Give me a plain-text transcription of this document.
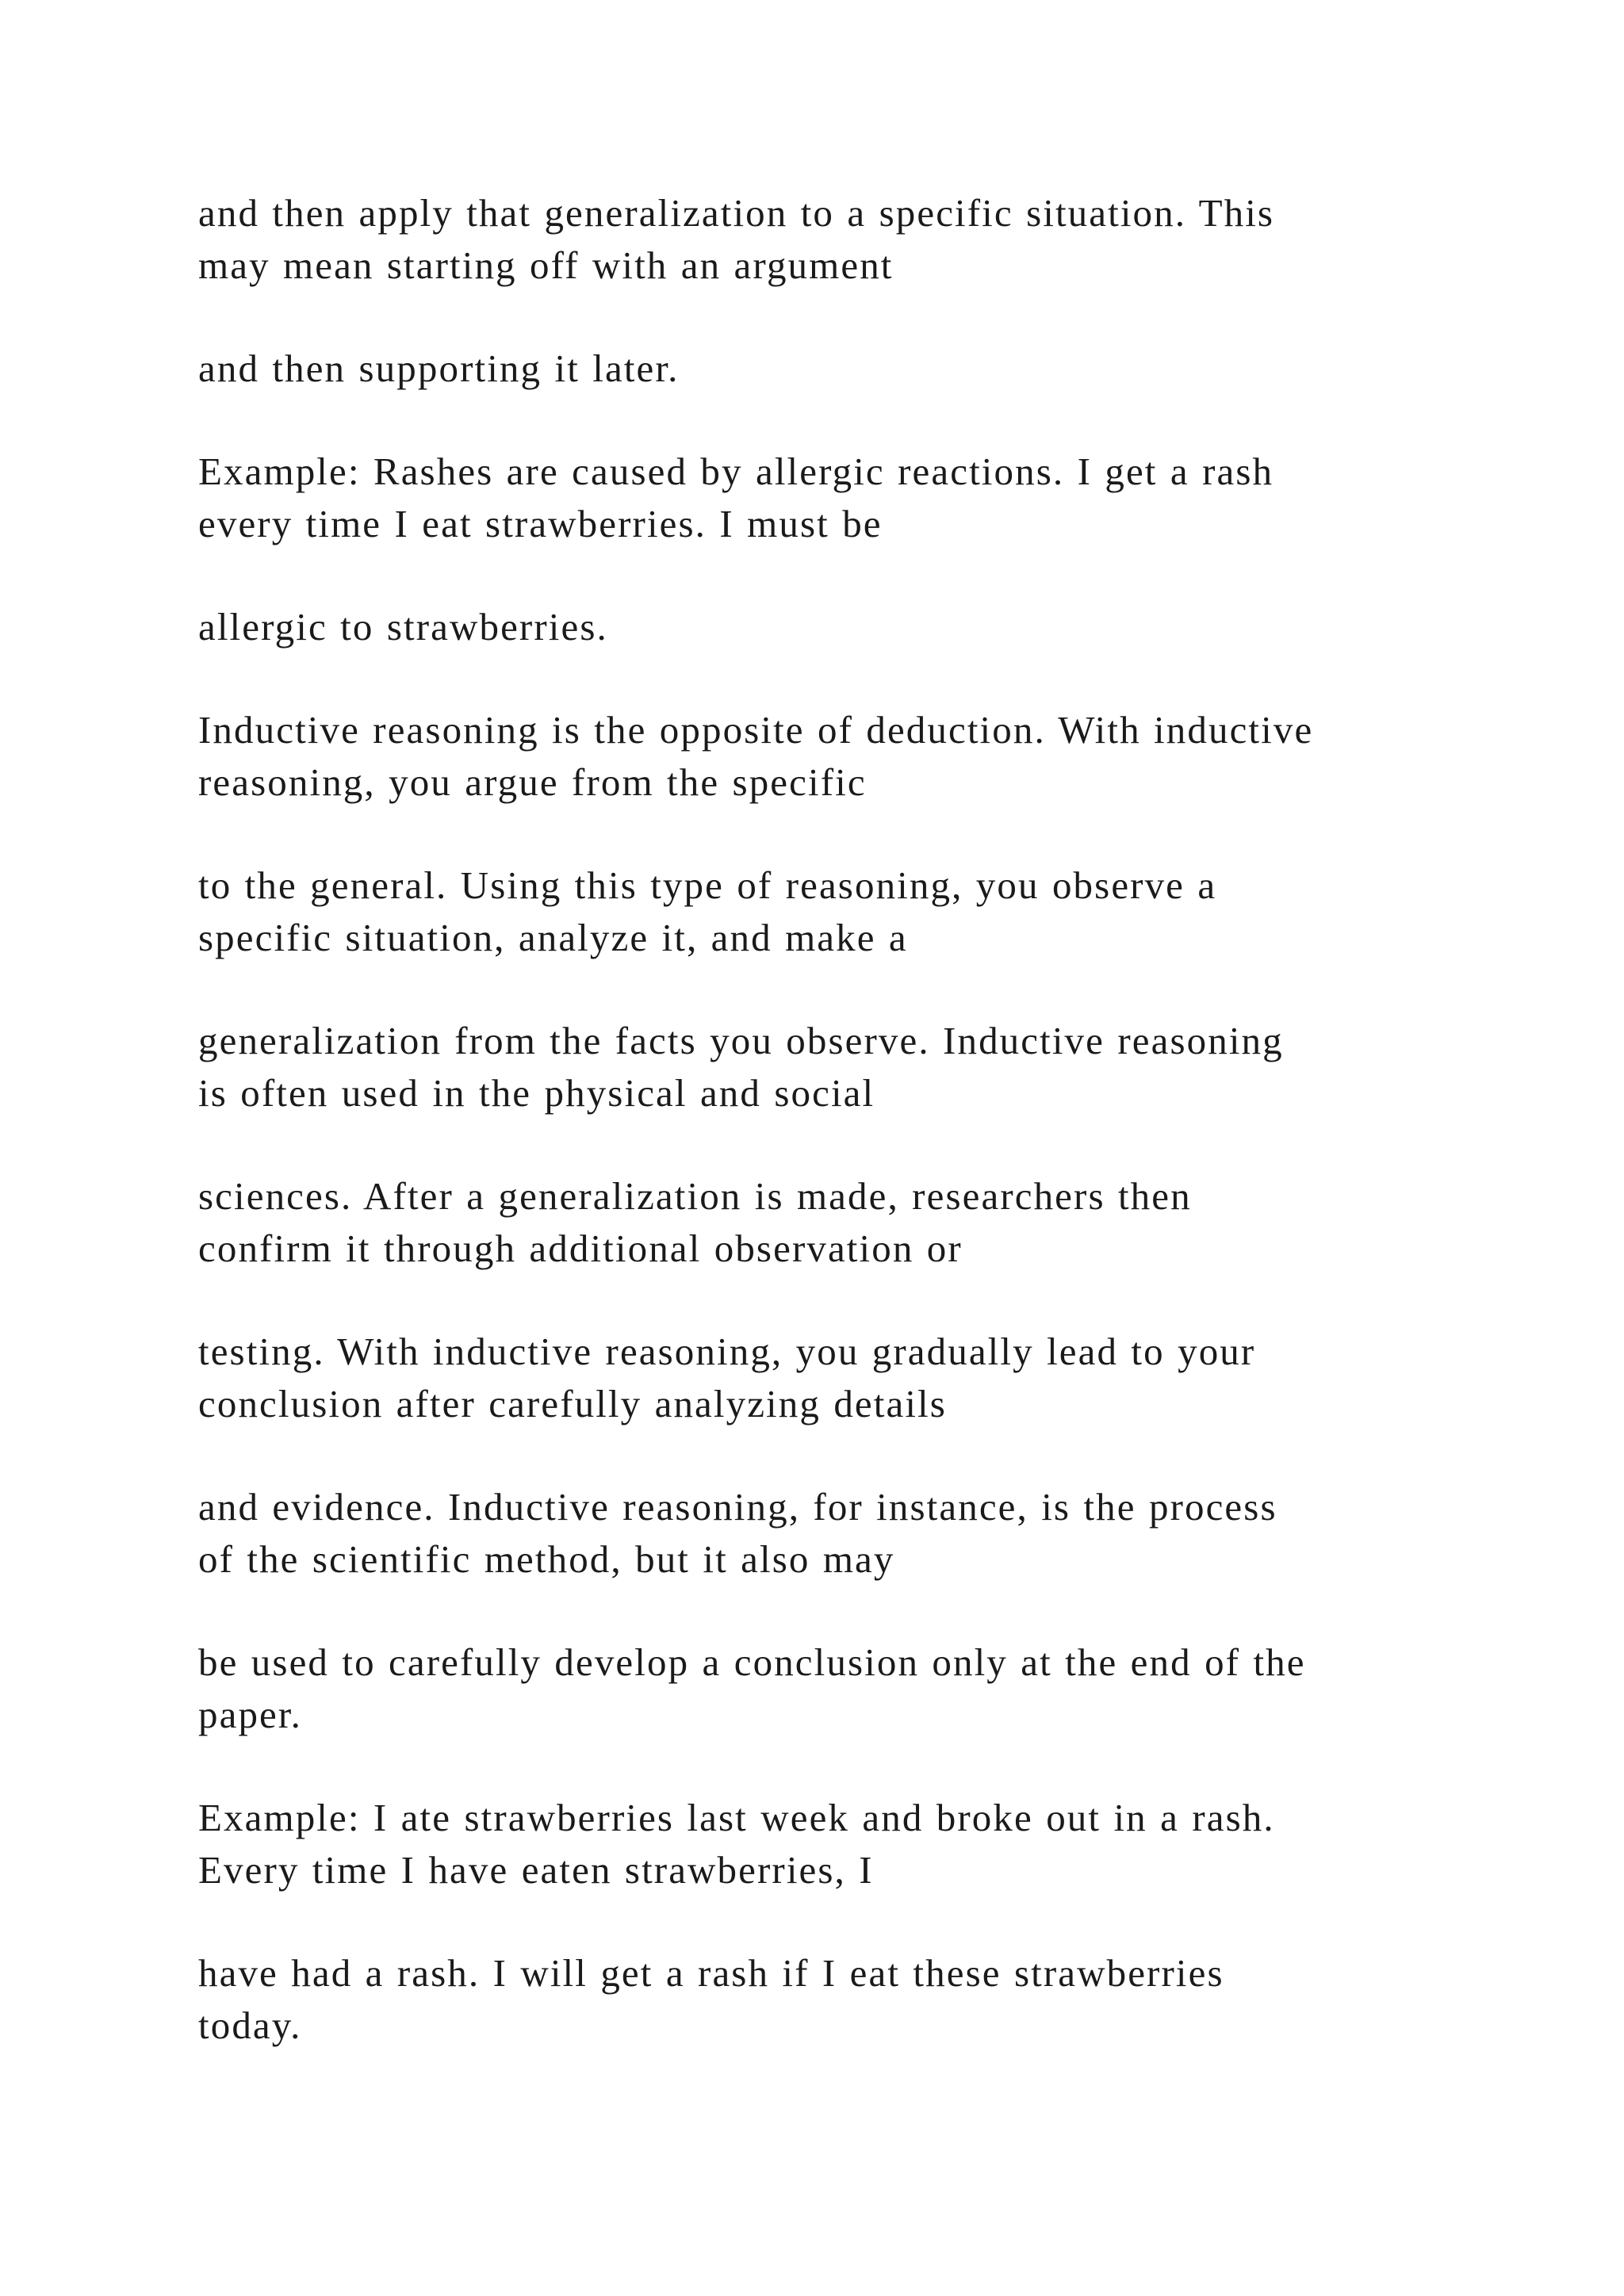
and then apply that generalization to a specific situation. This
may mean starting off with an argument

and then supporting it later.

Example: Rashes are caused by allergic reactions. I get a rash
every time I eat strawberries. I must be

allergic to strawberries.

Inductive reasoning is the opposite of deduction. With inductive
reasoning, you argue from the specific

to the general. Using this type of reasoning, you observe a
specific situation, analyze it, and make a

generalization from the facts you observe. Inductive reasoning
is often used in the physical and social

sciences. After a generalization is made, researchers then
confirm it through additional observation or

testing. With inductive reasoning, you gradually lead to your
conclusion after carefully analyzing details

and evidence. Inductive reasoning, for instance, is the process
of the scientific method, but it also may

be used to carefully develop a conclusion only at the end of the
paper.

Example: I ate strawberries last week and broke out in a rash.
Every time I have eaten strawberries, I

have had a rash. I will get a rash if I eat these strawberries
today.
